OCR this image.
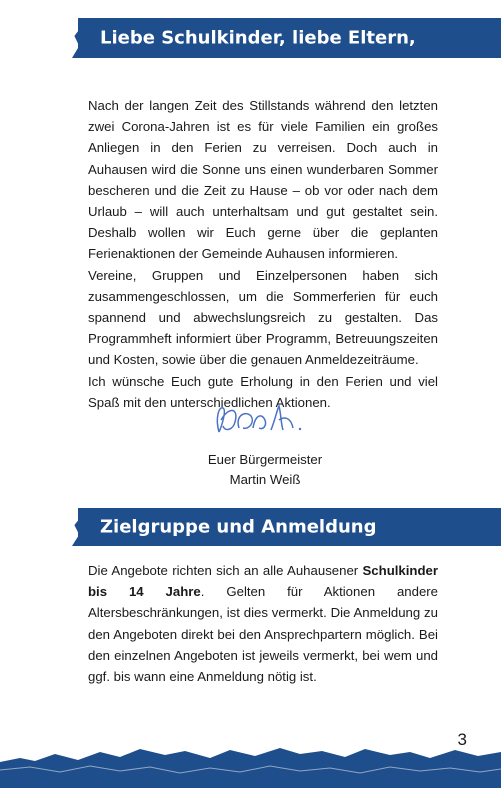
Liebe Schulkinder, liebe Eltern,
Nach der langen Zeit des Stillstands während den letzten zwei Corona-Jahren ist es für viele Familien ein großes Anliegen in den Ferien zu verreisen. Doch auch in Auhausen wird die Sonne uns einen wunderbaren Sommer bescheren und die Zeit zu Hause – ob vor oder nach dem Urlaub – will auch unterhaltsam und gut gestaltet sein. Deshalb wollen wir Euch gerne über die geplanten Ferienaktionen der Gemeinde Auhausen informieren.
Vereine, Gruppen und Einzelpersonen haben sich zusammengeschlossen, um die Sommerferien für euch spannend und abwechslungsreich zu gestalten. Das Programmheft informiert über Programm, Betreuungszeiten und Kosten, sowie über die genauen Anmeldezeiträume.
Ich wünsche Euch gute Erholung in den Ferien und viel Spaß mit den unterschiedlichen Aktionen.
Euer Bürgermeister
Martin Weiß
Zielgruppe und Anmeldung

Die Angebote richten sich an alle Auhausener Schulkinder bis 14 Jahre. Gelten für Aktionen andere Altersbeschränkungen, ist dies vermerkt. Die Anmeldung zu den Angeboten direkt bei den Ansprechpartern möglich. Bei den einzelnen Angeboten ist jeweils vermerkt, bei wem und ggf. bis wann eine Anmeldung nötig ist.

3
